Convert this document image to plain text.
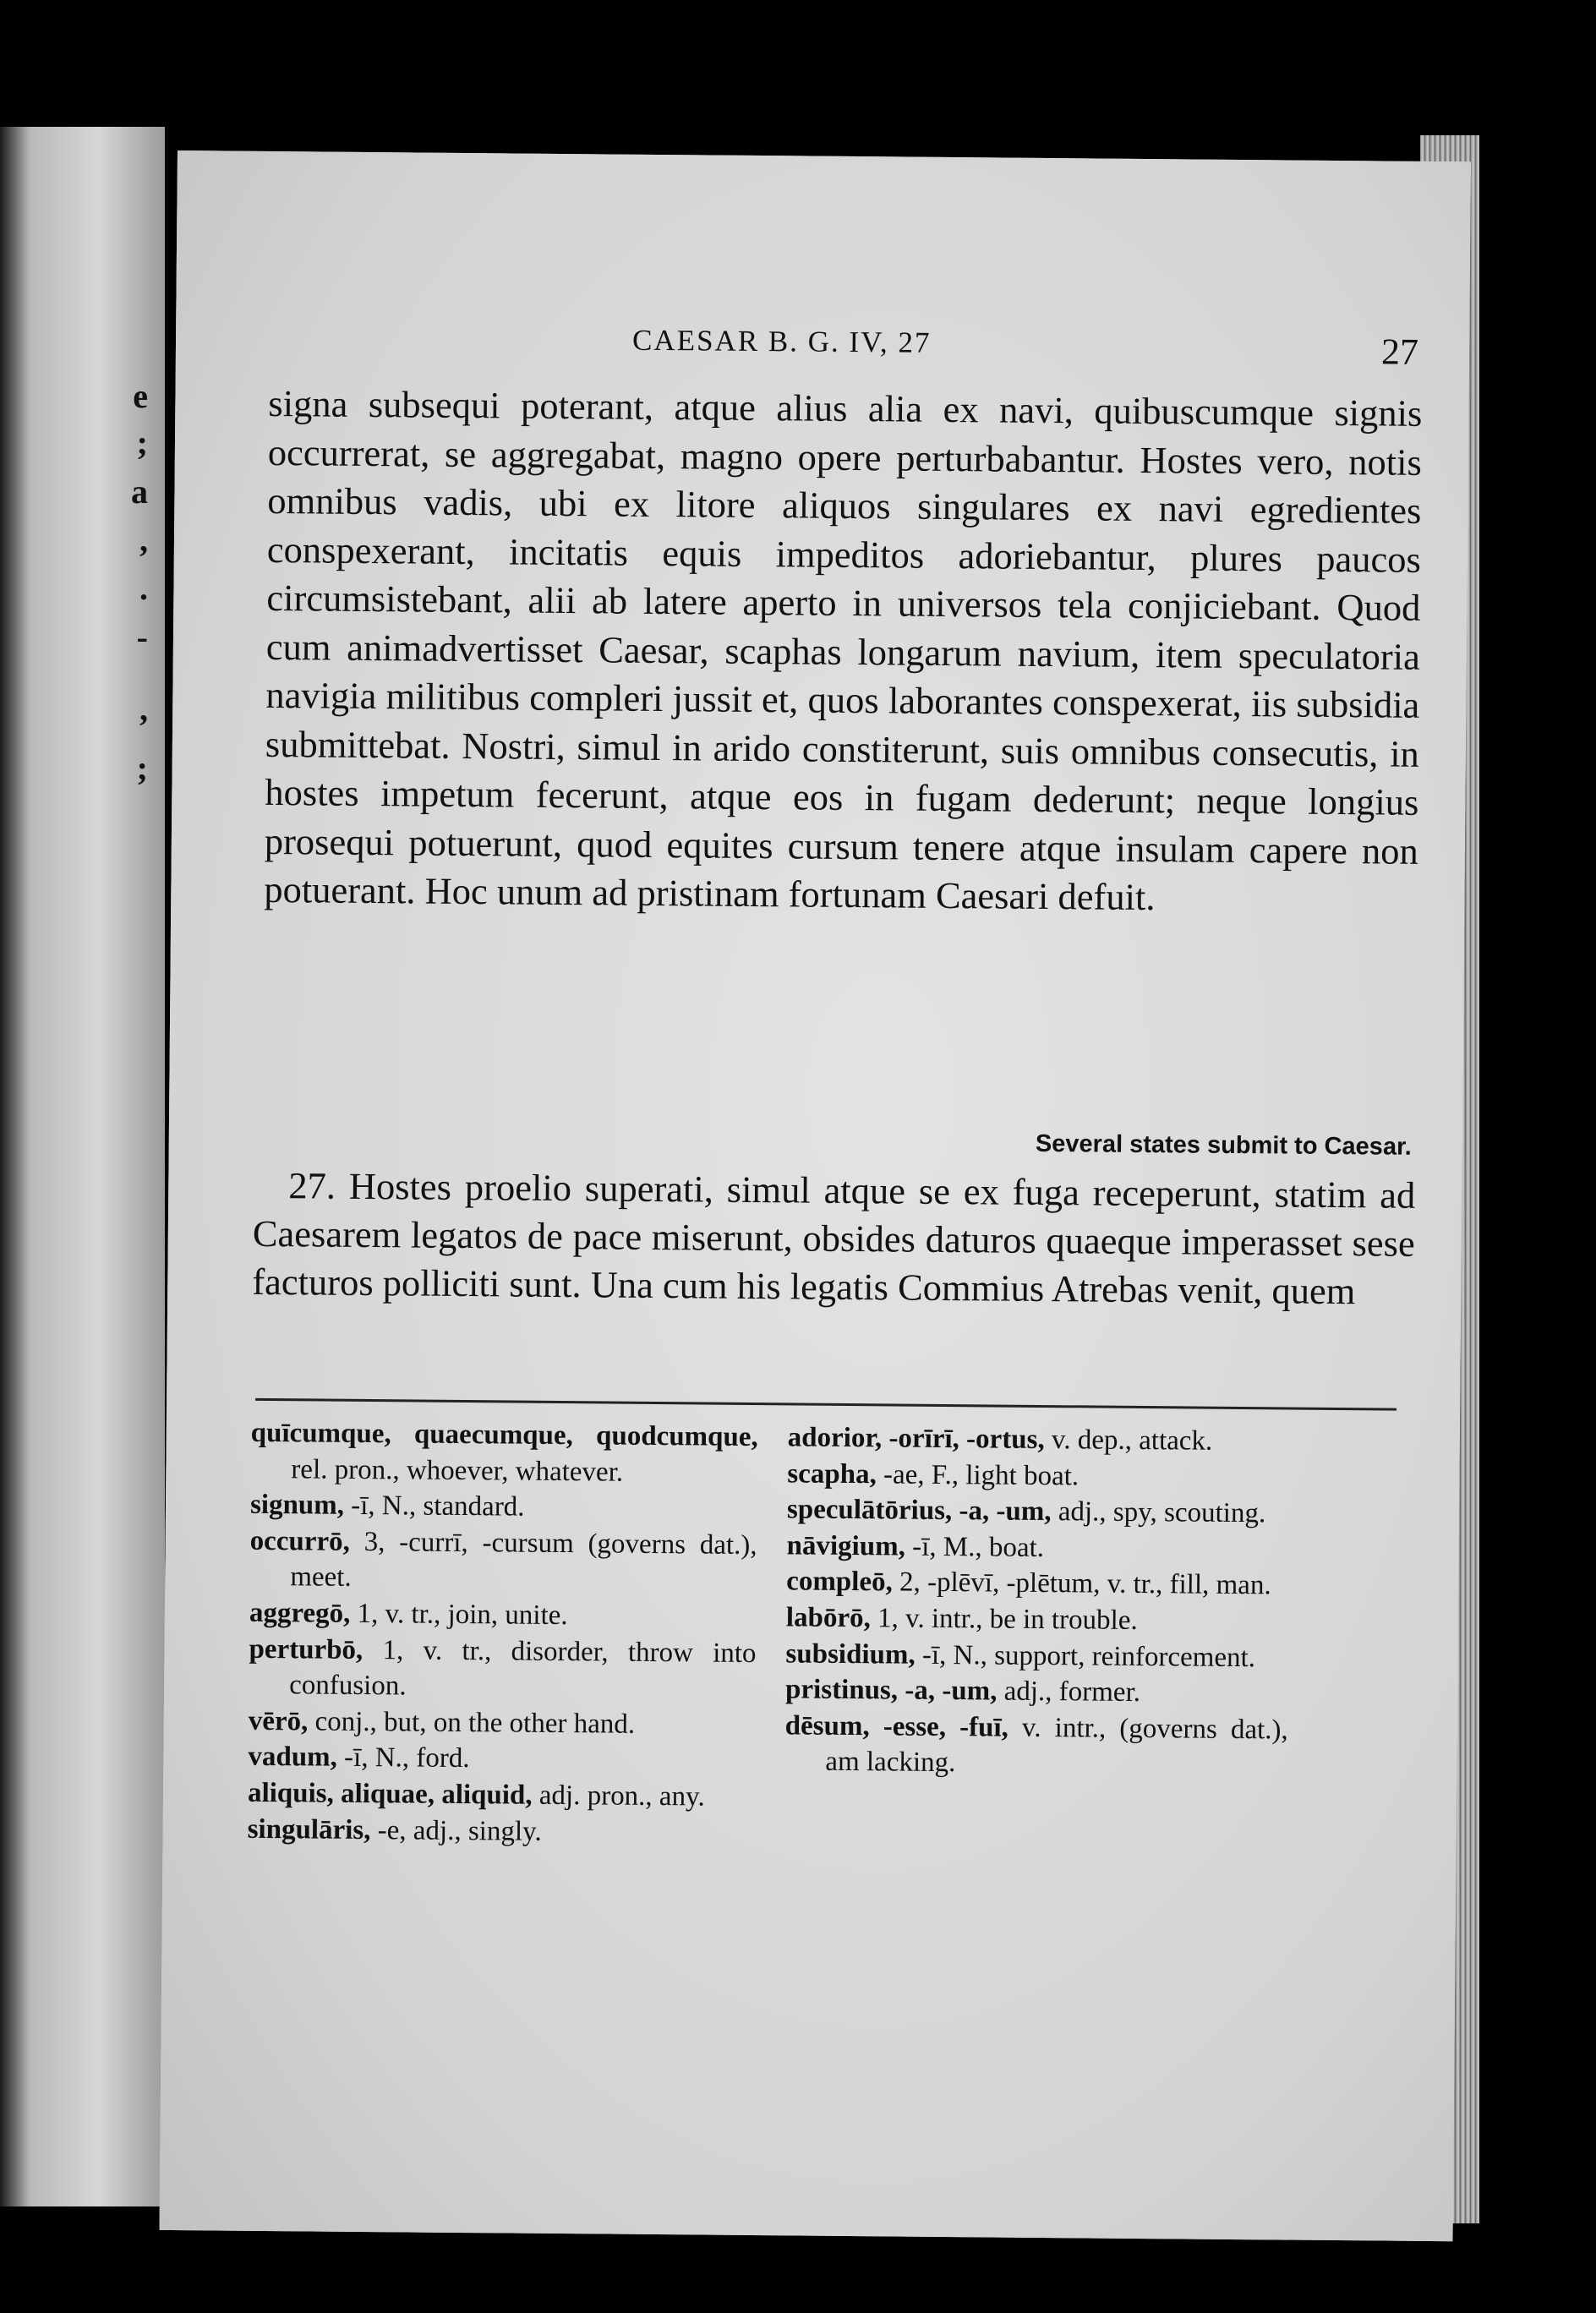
e
;
a
,
.
-
,
;
CAESAR B. G. IV, 27	27

signa subsequi poterant, atque alius alia ex navi, quibuscumque signis occurrerat, se aggregabat, magno opere perturbabantur. Hostes vero, notis omnibus vadis, ubi ex litore aliquos singulares ex navi egredientes conspexerant, incitatis equis impeditos adoriebantur, plures paucos circumsistebant, alii ab latere aperto in universos tela conjiciebant. Quod cum animadvertisset Caesar, scaphas longarum navium, item speculatoria navigia militibus compleri jussit et, quos laborantes conspexerat, iis subsidia submittebat. Nostri, simul in arido constiterunt, suis omnibus consecutis, in hostes impetum fecerunt, atque eos in fugam dederunt; neque longius prosequi potuerunt, quod equites cursum tenere atque insulam capere non potuerant. Hoc unum ad pristinam fortunam Caesari defuit.

Several states submit to Caesar.

27. Hostes proelio superati, simul atque se ex fuga receperunt, statim ad Caesarem legatos de pace miserunt, obsides daturos quaeque imperasset sese facturos polliciti sunt. Una cum his legatis Commius Atrebas venit, quem

quīcumque, quaecumque, quodcumque, rel. pron., whoever, whatever.
signum, -ī, N., standard.
occurrō, 3, -currī, -cursum (governs dat.), meet.
aggregō, 1, v. tr., join, unite.
perturbō, 1, v. tr., disorder, throw into confusion.
vērō, conj., but, on the other hand.
vadum, -ī, N., ford.
aliquis, aliquae, aliquid, adj. pron., any.
singulāris, -e, adj., singly.
adorior, -orīrī, -ortus, v. dep., attack.
scapha, -ae, F., light boat.
speculātōrius, -a, -um, adj., spy, scouting.
nāvigium, -ī, M., boat.
compleō, 2, -plēvī, -plētum, v. tr., fill, man.
labōrō, 1, v. intr., be in trouble.
subsidium, -ī, N., support, reinforcement.
pristinus, -a, -um, adj., former.
dēsum, -esse, -fuī, v. intr., (governs dat.), am lacking.
